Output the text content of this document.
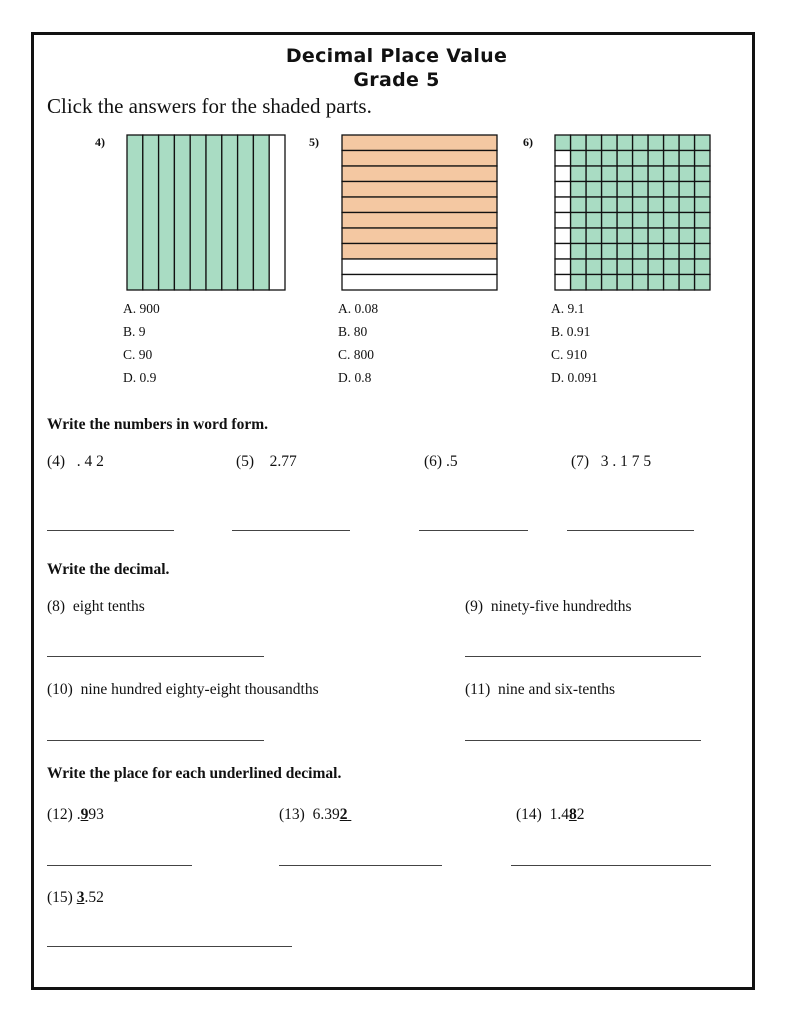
Decimal Place Value
Grade 5
Click the answers for the shaded parts.
4)	5)	6)
A. 900
B. 9
C. 90
D. 0.9
A. 0.08
B. 80
C. 800
D. 0.8
A. 9.1
B. 0.91
C. 910
D. 0.091
Write the numbers in word form.
(4) . 4 2	(5) 2.77	(6) .5	(7) 3 . 1 7 5
Write the decimal.
(8) eight tenths	(9) ninety-five hundredths
(10) nine hundred eighty-eight thousandths	(11) nine and six-tenths
Write the place for each underlined decimal.
(12) .993	(13) 6.392	(14) 1.482
(15) 3.52
